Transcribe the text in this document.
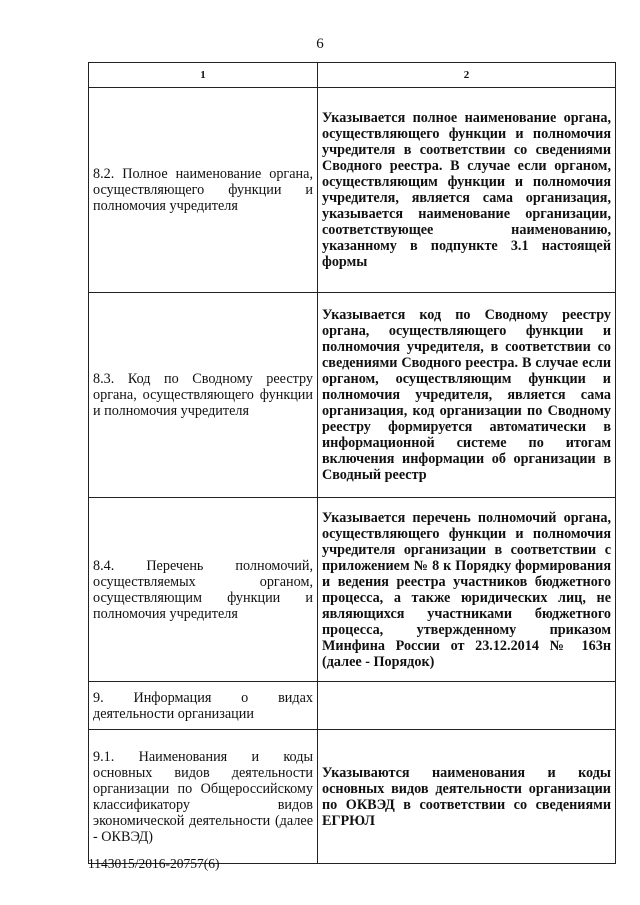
6
1	2
8.2. Полное наименование органа, осуществляющего функции и полномочия учредителя	Указывается полное наименование органа, осуществляющего функции и полномочия учредителя в соответствии со сведениями Сводного реестра. В случае если органом, осуществляющим функции и полномочия учредителя, является сама организация, указывается наименование организации, соответствующее наименованию, указанному в подпункте 3.1 настоящей формы
8.3. Код по Сводному реестру органа, осуществляющего функции и полномочия учредителя	Указывается код по Сводному реестру органа, осуществляющего функции и полномочия учредителя, в соответствии со сведениями Сводного реестра. В случае если органом, осуществляющим функции и полномочия учредителя, является сама организация, код организации по Сводному реестру формируется автоматически в информационной системе по итогам включения информации об организации в Сводный реестр
8.4. Перечень полномочий, осуществляемых органом, осуществляющим функции и полномочия учредителя	Указывается перечень полномочий органа, осуществляющего функции и полномочия учредителя организации в соответствии с приложением № 8 к Порядку формирования и ведения реестра участников бюджетного процесса, а также юридических лиц, не являющихся участниками бюджетного процесса, утвержденному приказом Минфина России от 23.12.2014 № 163н (далее - Порядок)
9. Информация о видах деятельности организации	
9.1. Наименования и коды основных видов деятельности организации по Общероссийскому классификатору видов экономической деятельности (далее - ОКВЭД)	Указываются наименования и коды основных видов деятельности организации по ОКВЭД в соответствии со сведениями ЕГРЮЛ
1143015/2016-20757(6)
